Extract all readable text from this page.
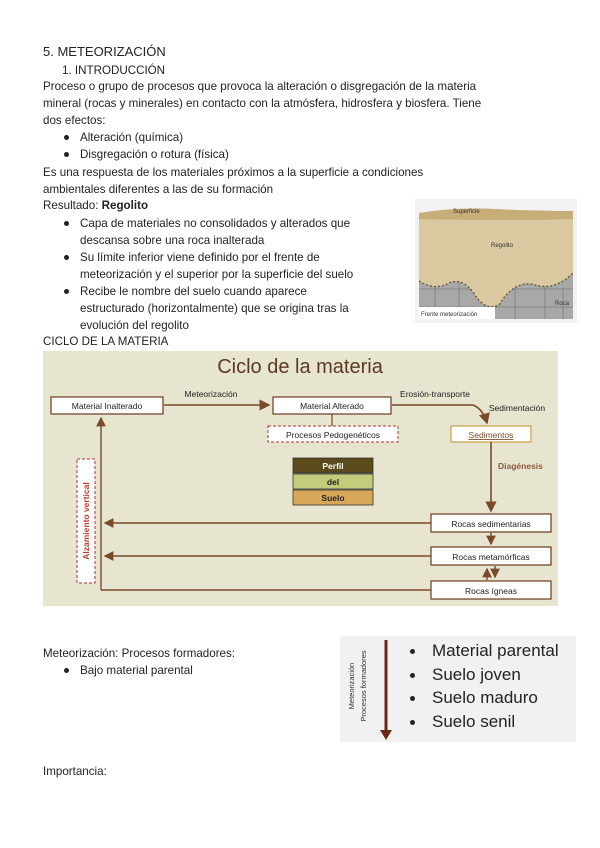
5. METEORIZACIÓN
1. INTRODUCCIÓN
Proceso o grupo de procesos que provoca la alteración o disgregación de la materia
mineral (rocas y minerales) en contacto con la atmósfera, hidrosfera y biosfera. Tiene
dos efectos:
Alteración (química)
Disgregación o rotura (física)
Es una respuesta de los materiales próximos a la superficie a condiciones
ambientales diferentes a las de su formación
Resultado: Regolito
Capa de materiales no consolidados y alterados que
descansa sobre una roca inalterada
Su límite inferior viene definido por el frente de
meteorización y el superior por la superficie del suelo
Recibe le nombre del suelo cuando aparece
estructurado (horizontalmente) que se origina tras la
evolución del regolito
Superficie
Regolito
Roca
Frente meteorización
CICLO DE LA MATERIA
Ciclo de la materia
Material Inalterado
Meteorización
Material Alterado
Erosión-transporte
Sedimentación
Sedimentos
Procesos Pedogenéticos
Perfil
del
Suelo
Diagénesis
Rocas sedimentarias
Rocas metamórficas
Rocas ígneas
Alzamiento vertical
Meteorización: Procesos formadores:
Bajo material parental	Meteorización Procesos formadores	Material parental
Suelo joven
Suelo maduro
Suelo senil
Importancia:
